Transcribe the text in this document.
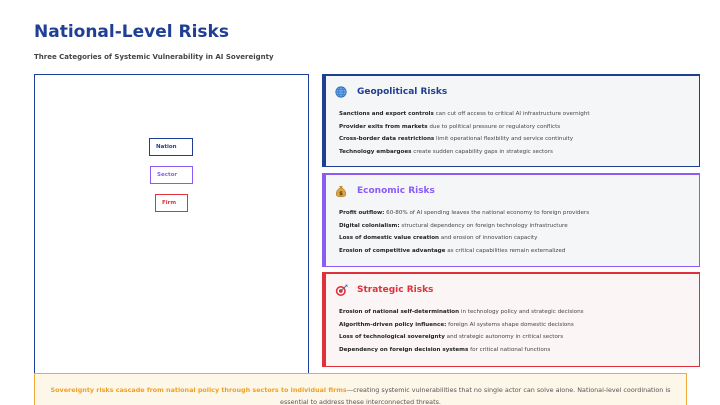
National-Level Risks
Three Categories of Systemic Vulnerability in AI Sovereignty
Nation
Sector
Firm
Geopolitical Risks
Sanctions and export controls can cut off access to critical AI infrastructure overnight
Provider exits from markets due to political pressure or regulatory conflicts
Cross-border data restrictions limit operational flexibility and service continuity
Technology embargoes create sudden capability gaps in strategic sectors
$ Economic Risks
Profit outflow: 60-80% of AI spending leaves the national economy to foreign providers
Digital colonialism: structural dependency on foreign technology infrastructure
Loss of domestic value creation and erosion of innovation capacity
Erosion of competitive advantage as critical capabilities remain externalized
Strategic Risks
Erosion of national self-determination in technology policy and strategic decisions
Algorithm-driven policy influence: foreign AI systems shape domestic decisions
Loss of technological sovereignty and strategic autonomy in critical sectors
Dependency on foreign decision systems for critical national functions
Sovereignty risks cascade from national policy through sectors to individual firms—creating systemic vulnerabilities that no single actor can solve alone. National-level coordination is
essential to address these interconnected threats.
